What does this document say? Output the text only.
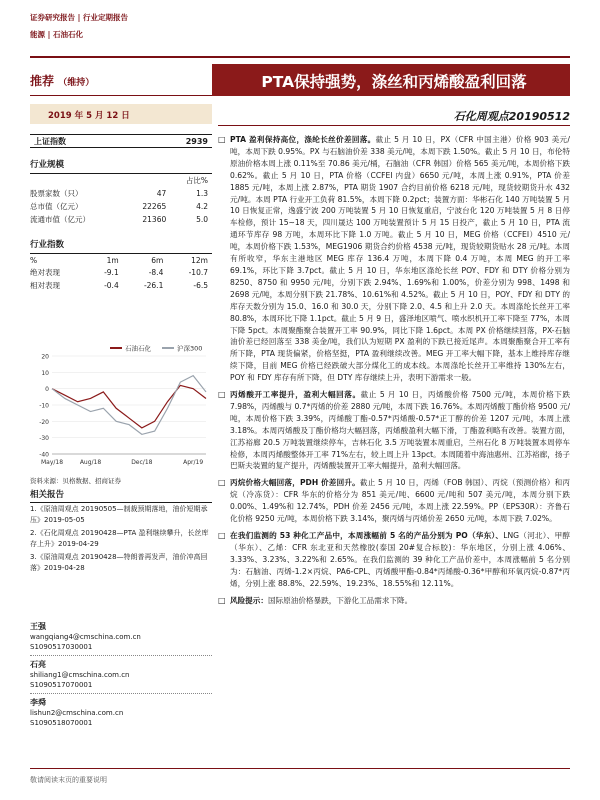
证券研究报告 | 行业定期报告
能源 | 石油石化
推荐 （维持）	PTA保持强势，涤丝和丙烯酸盈利回落
2019 年 5 月 12 日	石化周观点20190512
上证指数	2939
行业规模
		占比%
股票家数（只）	47	1.3
总市值（亿元）	22265	4.2
流通市值（亿元）	21360	5.0
行业指数
%	1m	6m	12m
绝对表现	-9.1	-8.4	-10.7
相对表现	-0.4	-26.1	-6.5
20
10
0
-10
-20
-30
-40
May/18	Aug/18	Dec/18	Apr/19
石油石化	沪深300
资料来源：贝格数据、招商证券
相关报告
1.《原油周观点 20190505—制裁预期落地，油价短期承压》2019-05-05
2.《石化周观点 20190428—PTA 盈利继续攀升，长丝库存上升》2019-04-29
3.《原油周观点 20190428—特朗普再发声，油价冲高回落》2019-04-28
王强
wangqiang4@cmschina.com.cn
S1090517030001
石亮
shiliang1@cmschina.com.cn
S1090517070001
李舜
lishun2@cmschina.com.cn
S1090518070001
□ PTA 盈利保持高位，涤纶长丝价差回落。截止 5 月 10 日，PX（CFR 中国主港）价格 903 美元/吨，本周下跌 0.95%。PX 与石脑油价差 338 美元/吨，本周下跌 1.50%。截止 5 月 10 日，布伦特原油价格本周上涨 0.11%至 70.86 美元/桶，石脑油（CFR 韩国）价格 565 美元/吨，本周价格下跌 0.62%。截止 5 月 10 日，PTA 价格（CCFEI 内盘）6650 元/吨，本周上涨 0.91%，PTA 价差 1885 元/吨，本周上涨 2.87%，PTA 期货 1907 合约目前价格 6218 元/吨，现货较期货升水 432 元/吨。本周 PTA 行业开工负荷 81.5%，本周下降 0.2pct；装置方面：华彬石化 140 万吨装置 5 月 10 日恢复正常，逸盛宁波 200 万吨装置 5 月 10 日恢复重启，宁波台化 120 万吨装置 5 月 8 日停车检修，预计 15~18 天，四川晟达 100 万吨装置预计 5 月 15 日投产，截止 5 月 10 日，PTA 流通环节库存 98 万吨，本周环比下降 1.0 万吨。截止 5 月 10 日，MEG 价格（CCFEI）4510 元/吨，本周价格下跌 1.53%，MEG1906 期货合约价格 4538 元/吨，现货较期货贴水 28 元/吨。本周有所收窄，华东主港地区 MEG 库存 136.4 万吨，本周下降 0.4 万吨，本周 MEG 的开工率 69.1%，环比下降 3.7pct。截止 5 月 10 日，华东地区涤纶长丝 POY、FDY 和 DTY 价格分别为 8250、8750 和 9950 元/吨，分别下跌 2.94%、1.69%和 1.00%，价差分别为 998、1498 和 2698 元/吨，本周分别下跌 21.78%、10.61%和 4.52%。截止 5 月 10 日，POY、FDY 和 DTY 的库存天数分别为 15.0、16.0 和 30.0 天，分别下降 2.0、4.5 和上升 2.0 天。本周涤纶长丝开工率 80.8%，本周环比下降 1.1pct。截止 5 月 9 日，盛泽地区喷气、喷水织机开工率下降至 77%，本周下降 5pct。本周聚酯聚合装置开工率 90.9%，同比下降 1.6pct。本周 PX 价格继续回落，PX-石脑油价差已经回落至 338 美金/吨，我们认为短期 PX 盈利的下跌已接近尾声。本周聚酯聚合开工率有所下降，PTA 现货偏紧，价格坚挺，PTA 盈利继续改善。MEG 开工率大幅下降，基本上维持库存继续下降，目前 MEG 价格已经跌破大部分煤化工的成本线。本周涤纶长丝开工率维持 130%左右，POY 和 FDY 库存有所下降，但 DTY 库存继续上升，表明下游需求一般。
□ 丙烯酸开工率提升，盈利大幅回落。截止 5 月 10 日，丙烯酸价格 7500 元/吨，本周价格下跌 7.98%，丙烯酸与 0.7*丙烯的价差 2880 元/吨，本周下跌 16.76%。本周丙烯酸丁酯价格 9500 元/吨，本周价格下跌 3.39%，丙烯酸丁酯-0.57*丙烯酸-0.57*正丁醇的价差 1207 元/吨，本周上涨 3.18%。本周丙烯酸及丁酯价格均大幅回落，丙烯酸盈利大幅下滑，丁酯盈利略有改善。装置方面，江苏裕廊 20.5 万吨装置继续停车，吉林石化 3.5 万吨装置本周重启，兰州石化 8 万吨装置本周停车检修，本周丙烯酸整体开工率 71%左右，较上周上升 13pct。本周随着中海油惠州、江苏裕廊，扬子巴斯夫装置的复产提升，丙烯酸装置开工率大幅提升，盈利大幅回落。
□ 丙烷价格大幅回落，PDH 价差回升。截止 5 月 10 日，丙烯（FOB 韩国）、丙烷（预测价格）和丙烷（冷冻货）：CFR 华东的价格分为 851 美元/吨、6600 元/吨和 507 美元/吨，本周分别下跌 0.00%、1.49%和 12.74%，PDH 价差 2456 元/吨，本周上涨 22.59%。PP（EPS30R）：齐鲁石化价格 9250 元/吨，本周价格下跌 3.14%，聚丙烯与丙烯价差 2650 元/吨，本周下跌 7.02%。
□ 在我们监测的 53 种化工产品中，本周涨幅前 5 名的产品分别为 PO（华东）、LNG（河北）、甲醇（华东）、乙烯：CFR 东北亚和天然橡胶(泰国 20#复合标胶)：华东地区，分别上涨 4.06%、3.33%、3.23%、3.22%和 2.65%。在我们监测的 39 种化工产品价差中，本周涨幅前 5 名分别为：石脑油、丙烯-1.2×丙烷、PA6-CPL、丙烯酸甲酯-0.84*丙烯酸-0.36*甲醇和环氧丙烷-0.87*丙烯，分别上涨 88.8%、22.59%、19.23%、18.55%和 12.11%。
□ 风险提示：国际原油价格暴跌，下游化工品需求下降。
敬请阅读末页的重要说明
